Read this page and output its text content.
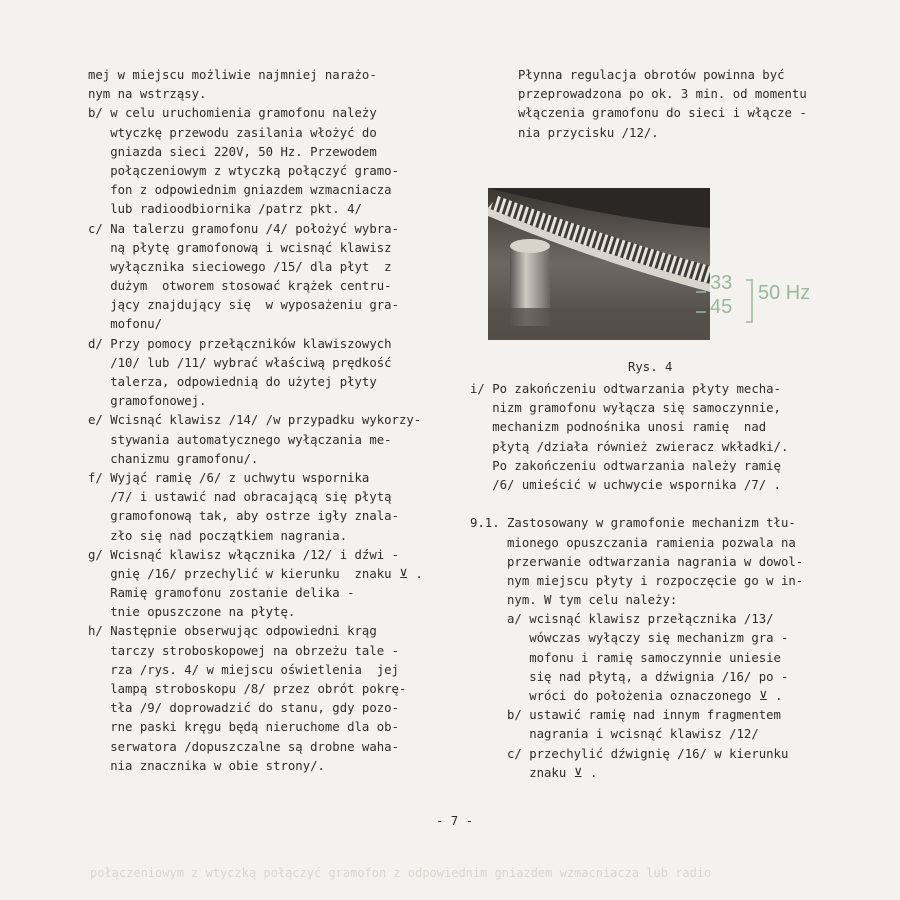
mej w miejscu możliwie najmniej narażo-
nym na wstrząsy.
b/ w celu uruchomienia gramofonu należy
wtyczkę przewodu zasilania włożyć do
gniazda sieci 220V, 50 Hz. Przewodem
połączeniowym z wtyczką połączyć gramo-
fon z odpowiednim gniazdem wzmacniacza
lub radioodbiornika /patrz pkt. 4/
c/ Na talerzu gramofonu /4/ położyć wybra-
ną płytę gramofonową i wcisnąć klawisz
wyłącznika sieciowego /15/ dla płyt  z
dużym  otworem stosować krążek centru-
jący znajdujący się  w wyposażeniu gra-
mofonu/
d/ Przy pomocy przełączników klawiszowych
/10/ lub /11/ wybrać właściwą prędkość
talerza, odpowiednią do użytej płyty
gramofonowej.
e/ Wcisnąć klawisz /14/ /w przypadku wykorzy-
stywania automatycznego wyłączania me-
chanizmu gramofonu/.
f/ Wyjąć ramię /6/ z uchwytu wspornika
/7/ i ustawić nad obracającą się płytą
gramofonową tak, aby ostrze igły znala-
zło się nad początkiem nagrania.
g/ Wcisnąć klawisz włącznika /12/ i dźwi -
gnię /16/ przechylić w kierunku  znaku ⊻ .
Ramię gramofonu zostanie delika -
tnie opuszczone na płytę.
h/ Następnie obserwując odpowiedni krąg
tarczy stroboskopowej na obrzeżu tale -
rza /rys. 4/ w miejscu oświetlenia  jej
lampą stroboskopu /8/ przez obrót pokrę-
tła /9/ doprowadzić do stanu, gdy pozo-
rne paski kręgu będą nieruchome dla ob-
serwatora /dopuszczalne są drobne waha-
nia znacznika w obie strony/.
Płynna regulacja obrotów powinna być
przeprowadzona po ok. 3 min. od momentu
włączenia gramofonu do sieci i włącze -
nia przycisku /12/.
33
45
50 Hz
Rys. 4
i/ Po zakończeniu odtwarzania płyty mecha-
nizm gramofonu wyłącza się samoczynnie,
mechanizm podnośnika unosi ramię  nad
płytą /działa również zwieracz wkładki/.
Po zakończeniu odtwarzania należy ramię
/6/ umieścić w uchwycie wspornika /7/ .
9.1. Zastosowany w gramofonie mechanizm tłu-
mionego opuszczania ramienia pozwala na
przerwanie odtwarzania nagrania w dowol-
nym miejscu płyty i rozpoczęcie go w in-
nym. W tym celu należy:
a/ wcisnąć klawisz przełącznika /13/
wówczas wyłączy się mechanizm gra -
mofonu i ramię samoczynnie uniesie
się nad płytą, a dźwignia /16/ po -
wróci do położenia oznaczonego ⊻ .
b/ ustawić ramię nad innym fragmentem
nagrania i wcisnąć klawisz /12/
c/ przechylić dźwignię /16/ w kierunku
znaku ⊻ .
- 7 -
połączeniowym z wtyczką połączyć gramofon z odpowiednim gniazdem wzmacniacza lub radio
